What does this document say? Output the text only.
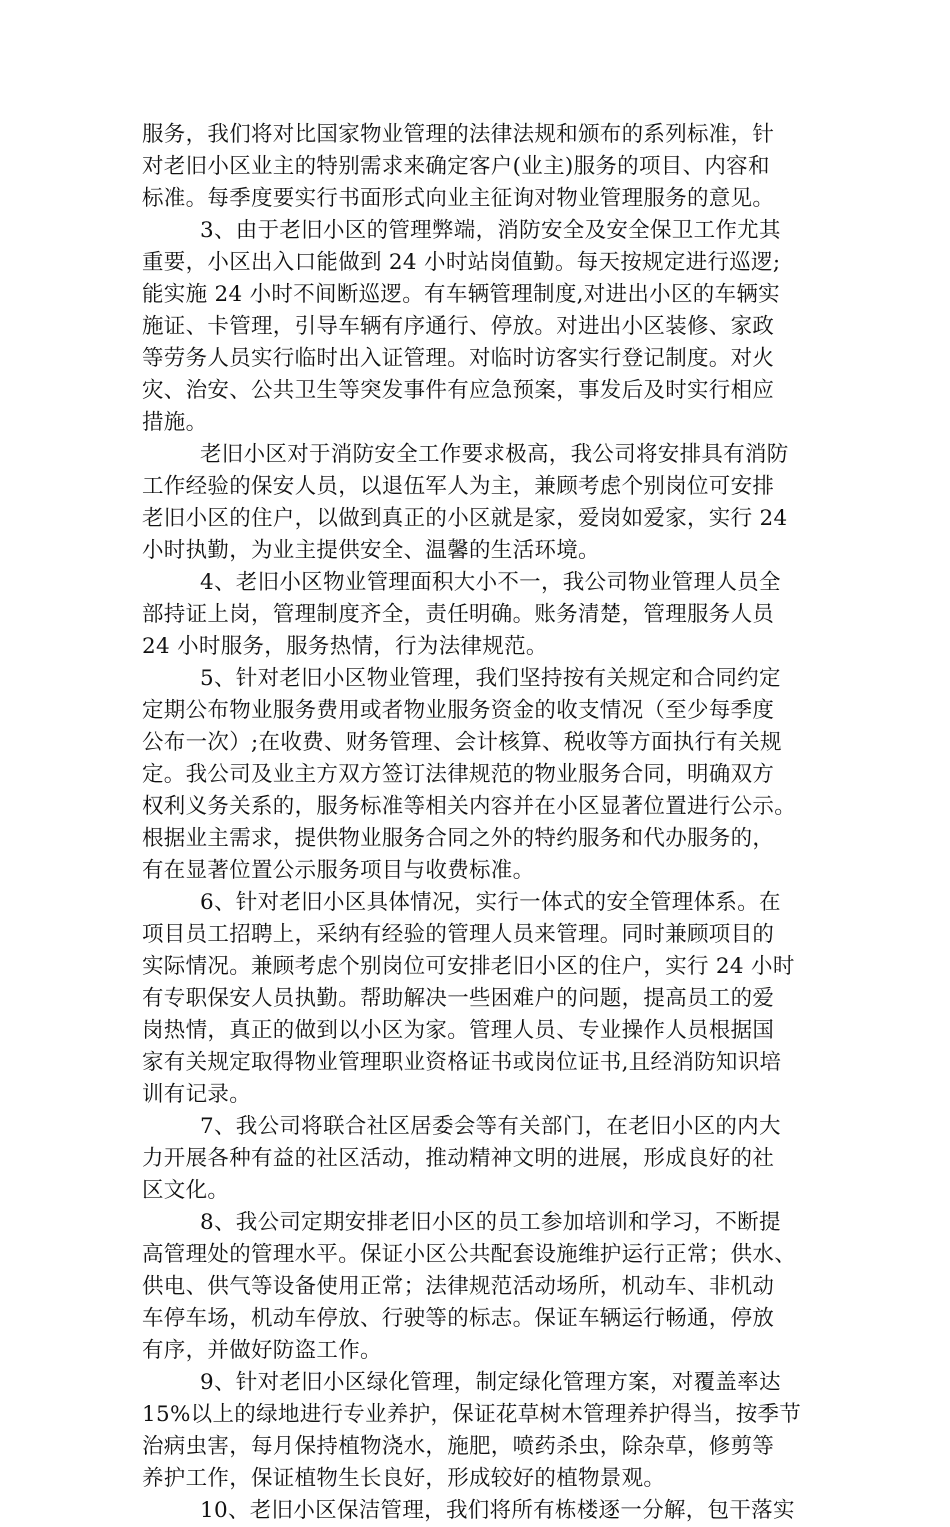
服务，我们将对比国家物业管理的法律法规和颁布的系列标准，针
对老旧小区业主的特别需求来确定客户(业主)服务的项目、内容和
标准。每季度要实行书面形式向业主征询对物业管理服务的意见。
3、由于老旧小区的管理弊端，消防安全及安全保卫工作尤其
重要，小区出入口能做到 24 小时站岗值勤。每天按规定进行巡逻;
能实施 24 小时不间断巡逻。有车辆管理制度,对进出小区的车辆实
施证、卡管理，引导车辆有序通行、停放。对进出小区装修、家政
等劳务人员实行临时出入证管理。对临时访客实行登记制度。对火
灾、治安、公共卫生等突发事件有应急预案，事发后及时实行相应
措施。
老旧小区对于消防安全工作要求极高，我公司将安排具有消防
工作经验的保安人员，以退伍军人为主，兼顾考虑个别岗位可安排
老旧小区的住户，以做到真正的小区就是家，爱岗如爱家，实行 24
小时执勤，为业主提供安全、温馨的生活环境。
4、老旧小区物业管理面积大小不一，我公司物业管理人员全
部持证上岗，管理制度齐全，责任明确。账务清楚，管理服务人员
24 小时服务，服务热情，行为法律规范。
5、针对老旧小区物业管理，我们坚持按有关规定和合同约定
定期公布物业服务费用或者物业服务资金的收支情况（至少每季度
公布一次）;在收费、财务管理、会计核算、税收等方面执行有关规
定。我公司及业主方双方签订法律规范的物业服务合同，明确双方
权利义务关系的，服务标准等相关内容并在小区显著位置进行公示。
根据业主需求，提供物业服务合同之外的特约服务和代办服务的，
有在显著位置公示服务项目与收费标准。
6、针对老旧小区具体情况，实行一体式的安全管理体系。在
项目员工招聘上，采纳有经验的管理人员来管理。同时兼顾项目的
实际情况。兼顾考虑个别岗位可安排老旧小区的住户，实行 24 小时
有专职保安人员执勤。帮助解决一些困难户的问题，提高员工的爱
岗热情，真正的做到以小区为家。管理人员、专业操作人员根据国
家有关规定取得物业管理职业资格证书或岗位证书,且经消防知识培
训有记录。
7、我公司将联合社区居委会等有关部门，在老旧小区的内大
力开展各种有益的社区活动，推动精神文明的进展，形成良好的社
区文化。
8、我公司定期安排老旧小区的员工参加培训和学习，不断提
高管理处的管理水平。保证小区公共配套设施维护运行正常；供水、
供电、供气等设备使用正常；法律规范活动场所，机动车、非机动
车停车场，机动车停放、行驶等的标志。保证车辆运行畅通，停放
有序，并做好防盗工作。
9、针对老旧小区绿化管理，制定绿化管理方案，对覆盖率达
15%以上的绿地进行专业养护，保证花草树木管理养护得当，按季节
治病虫害，每月保持植物浇水，施肥，喷药杀虫，除杂草，修剪等
养护工作，保证植物生长良好，形成较好的植物景观。
10、老旧小区保洁管理，我们将所有栋楼逐一分解，包干落实
